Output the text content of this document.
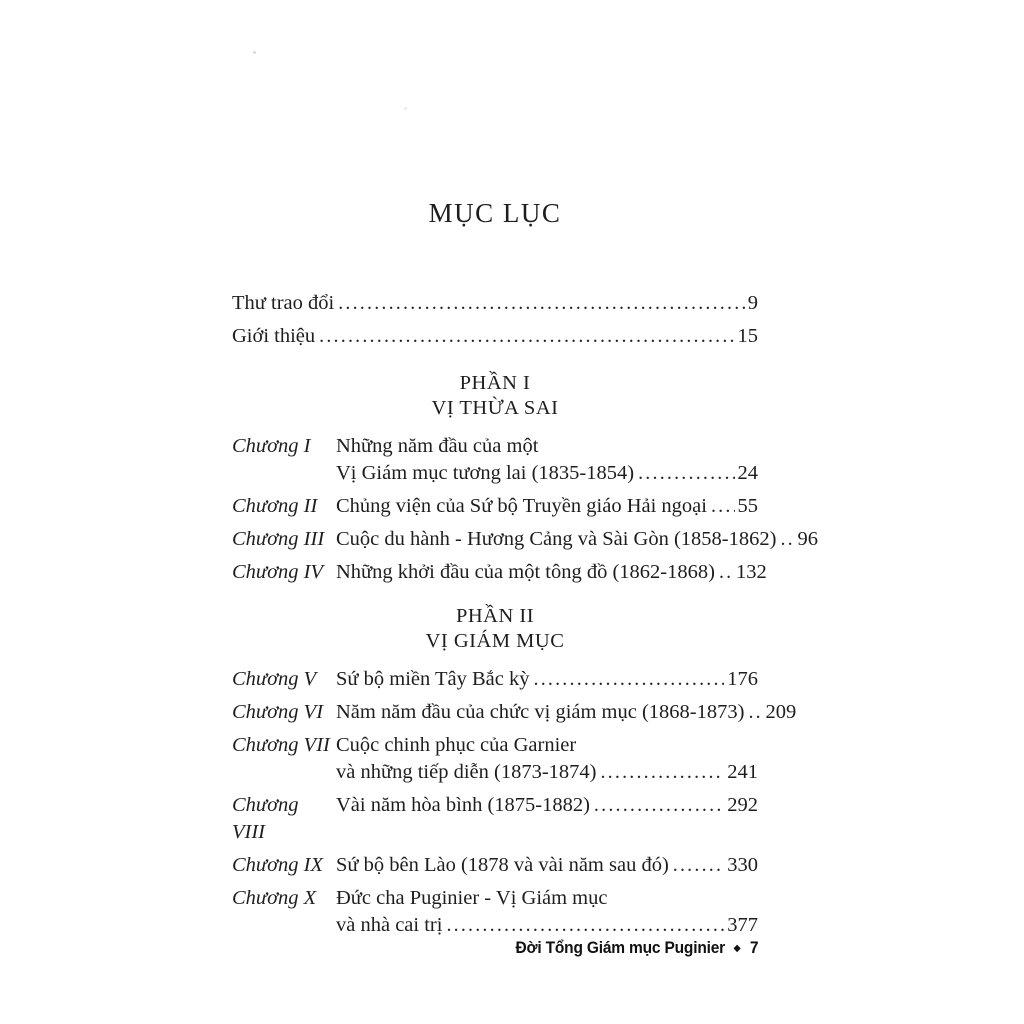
MỤC LỤC
Thư trao đổi .....	9
Giới thiệu .....	15
PHẦN I
VỊ THỪA SAI
Chương I	Những năm đầu của một
Vị Giám mục tương lai (1835-1854) .....	24
Chương II Chủng viện của Sứ bộ Truyền giáo Hải ngoại ..... 55
Chương III Cuộc du hành - Hương Cảng và Sài Gòn (1858-1862) ..... 96
Chương IV Những khởi đầu của một tông đồ (1862-1868) ..... 132
PHẦN II
VỊ GIÁM MỤC
Chương V Sứ bộ miền Tây Bắc kỳ .....	176
Chương VI Năm năm đầu của chức vị giám mục (1868-1873) ..... 209
Chương VII Cuộc chinh phục của Garnier
và những tiếp diễn (1873-1874) .....	241
Chương VIII
Vài năm hòa bình (1875-1882) .....	292
Chương IX Sứ bộ bên Lào (1878 và vài năm sau đó) .....	330
Chương X Đức cha Puginier - Vị Giám mục
và nhà cai trị .....	377
Đời Tổng Giám mục Puginier ◆ 7
